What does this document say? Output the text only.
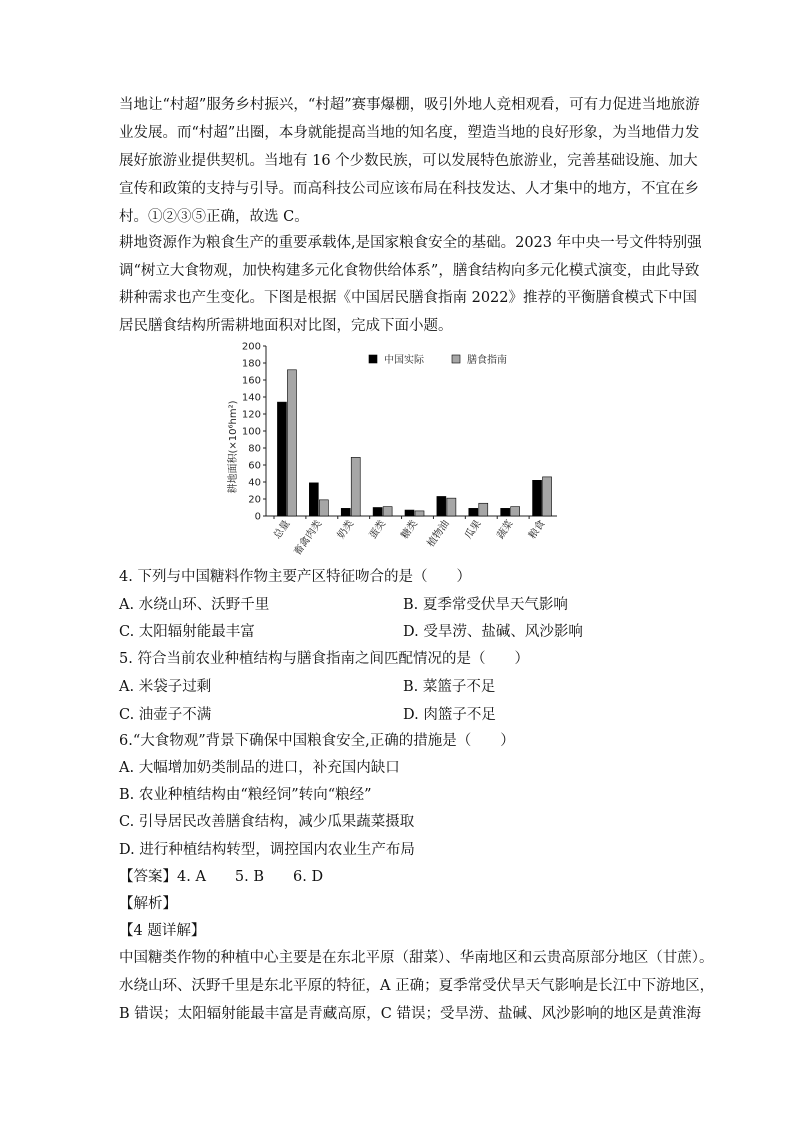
当地让“村超”服务乡村振兴，“村超”赛事爆棚，吸引外地人竞相观看，可有力促进当地旅游
业发展。而“村超”出圈，本身就能提高当地的知名度，塑造当地的良好形象，为当地借力发
展好旅游业提供契机。当地有 16 个少数民族，可以发展特色旅游业，完善基础设施、加大
宣传和政策的支持与引导。而高科技公司应该布局在科技发达、人才集中的地方，不宜在乡
村。①②③⑤正确，故选 C。
耕地资源作为粮食生产的重要承载体,是国家粮食安全的基础。2023 年中央一号文件特别强
调“树立大食物观，加快构建多元化食物供给体系”，膳食结构向多元化模式演变，由此导致
耕种需求也产生变化。下图是根据《中国居民膳食指南 2022》推荐的平衡膳食模式下中国
居民膳食结构所需耕地面积对比图，完成下面小题。
0
20
40
60
80
100
120
140
160
180
200
总量 畜禽肉类 奶类 蛋类 糖类 植物油 瓜果 蔬菜 粮食
中国实际	膳食指南
耕地面积(×10⁶hm²)
4. 下列与中国糖料作物主要产区特征吻合的是（　　）
A. 水绕山环、沃野千里	B. 夏季常受伏旱天气影响
C. 太阳辐射能最丰富	D. 受旱涝、盐碱、风沙影响
5. 符合当前农业种植结构与膳食指南之间匹配情况的是（　　）
A. 米袋子过剩	B. 菜篮子不足
C. 油壶子不满	D. 肉篮子不足
6.“大食物观”背景下确保中国粮食安全,正确的措施是（　　）
A. 大幅增加奶类制品的进口，补充国内缺口
B. 农业种植结构由“粮经饲”转向“粮经”
C. 引导居民改善膳食结构，减少瓜果蔬菜摄取
D. 进行种植结构转型，调控国内农业生产布局
【答案】4. A　　5. B　　6. D
【解析】
【4 题详解】
中国糖类作物的种植中心主要是在东北平原（甜菜）、华南地区和云贵高原部分地区（甘蔗）。
水绕山环、沃野千里是东北平原的特征，A 正确；夏季常受伏旱天气影响是长江中下游地区，
B 错误；太阳辐射能最丰富是青藏高原，C 错误；受旱涝、盐碱、风沙影响的地区是黄淮海
